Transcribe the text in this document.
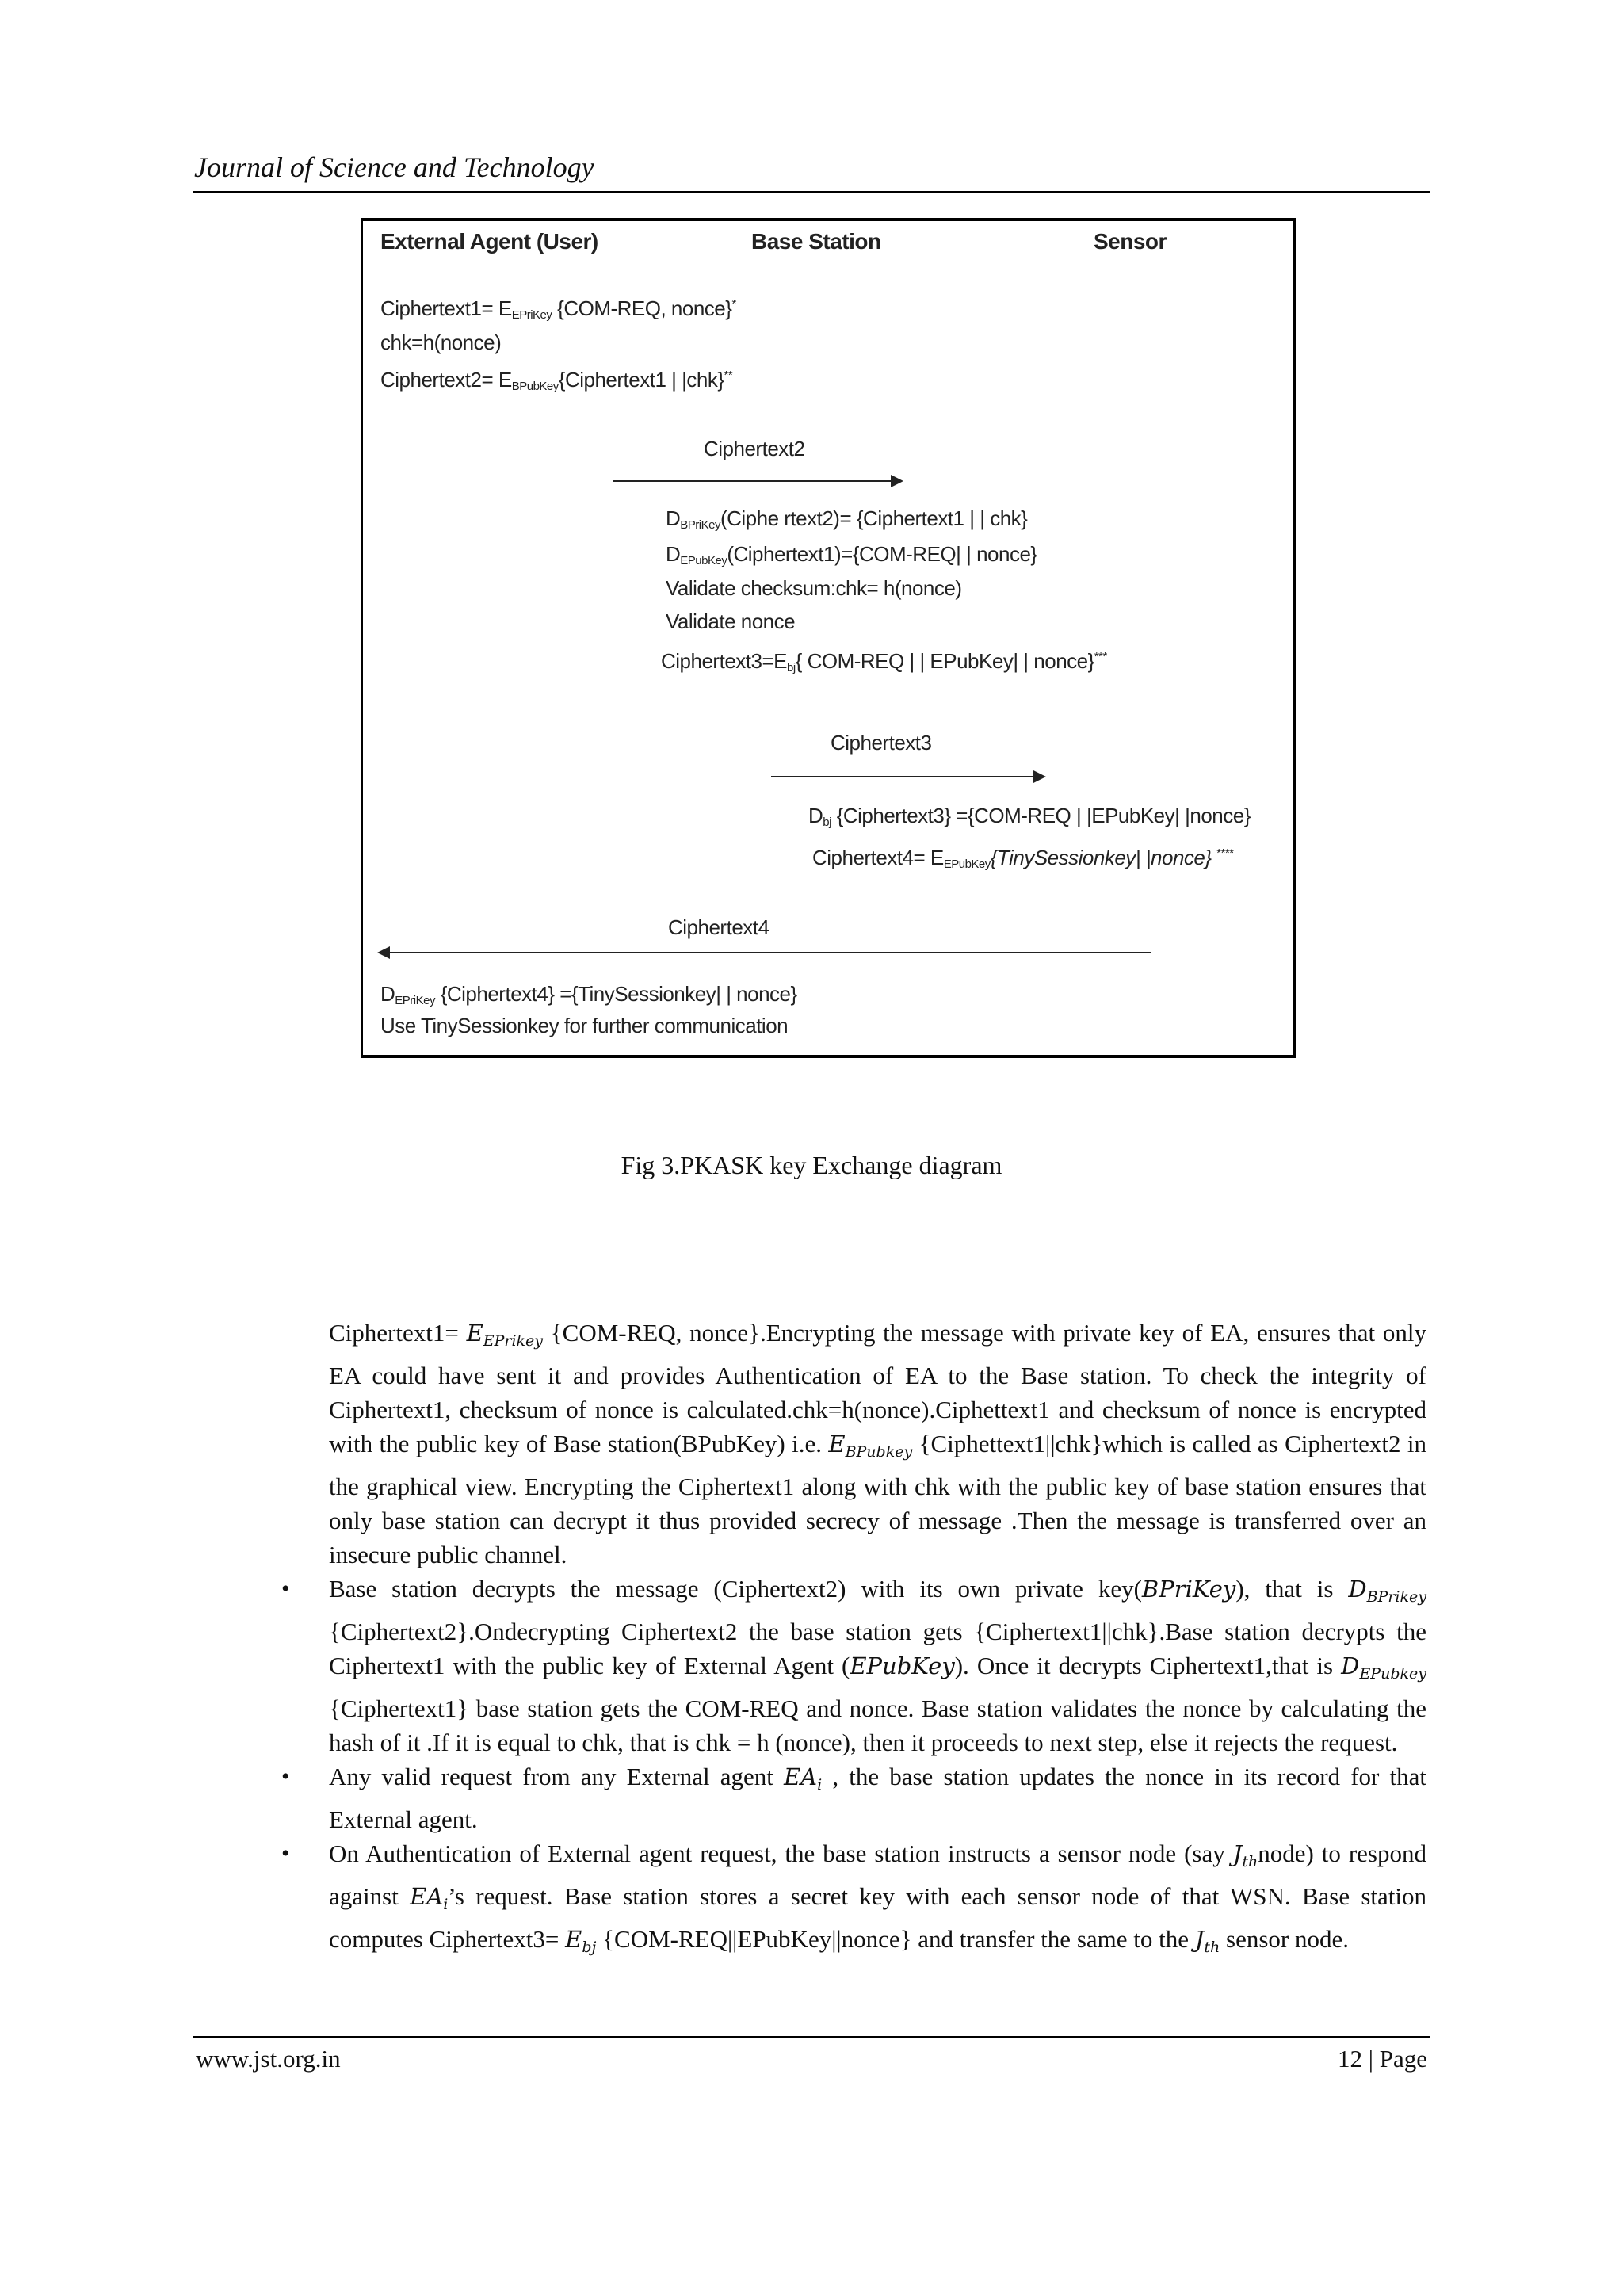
Journal of Science and Technology
External Agent (User)	Base Station	Sensor
Ciphertext1= $E_{EPriKey}$ {COM-REQ, nonce}*
chk=h(nonce)
Ciphertext2= $E_{BPubKey}\{Ciphertext1$ | |chk}**
Ciphertext2
$D_{BPriKey}(Ciphe$ rtext2)= {Ciphertext1 | | chk}
$D_{EPubKey}(Ciphertext1)=\{COM-REQ|$ | nonce}
Validate checksum:chk= h(nonce)
Validate nonce
$Ciphertext3=E_{bj}${ COM-REQ | | EPubKey| | nonce}***
Ciphertext3
$D_{bj}$ {Ciphertext3} ={COM-REQ | |EPubKey| |nonce}
Ciphertext4= $E_{EPubKey}\{TinySessionkey|$ |nonce} ****
Ciphertext4
$D_{EPriKey}$ {Ciphertext4} ={TinySessionkey| | nonce}
Use TinySessionkey for further communication
Fig 3.PKASK key Exchange diagram

Ciphertext1= EEPrikey {COM-REQ, nonce}.Encrypting the message with private key of EA, ensures that only EA could have sent it and provides Authentication of EA to the Base station. To check the integrity of Ciphertext1, checksum of nonce is calculated.chk=h(nonce).Ciphettext1 and checksum of nonce is encrypted with the public key of Base station(BPubKey) i.e. EBPubkey {Ciphettext1||chk}which is called as Ciphertext2 in the graphical view. Encrypting the Ciphertext1 along with chk with the public key of base station ensures that only base station can decrypt it thus provided secrecy of message .Then the message is transferred over an insecure public channel.

• Base station decrypts the message (Ciphertext2) with its own private key(BPriKey), that is DBPrikey {Ciphertext2}.Ondecrypting Ciphertext2 the base station gets {Ciphertext1||chk}.Base station decrypts the Ciphertext1 with the public key of External Agent (EPubKey). Once it decrypts Ciphertext1,that is DEPubkey {Ciphertext1} base station gets the COM-REQ and nonce. Base station validates the nonce by calculating the hash of it .If it is equal to chk, that is chk = h (nonce), then it proceeds to next step, else it rejects the request.
• Any valid request from any External agent EAi , the base station updates the nonce in its record for that External agent.
• On Authentication of External agent request, the base station instructs a sensor node (say Jthnode) to respond against EAi’s request. Base station stores a secret key with each sensor node of that WSN. Base station computes Ciphertext3= Ebj {COM-REQ||EPubKey||nonce} and transfer the same to the Jth sensor node.
www.jst.org.in	12 | Page
